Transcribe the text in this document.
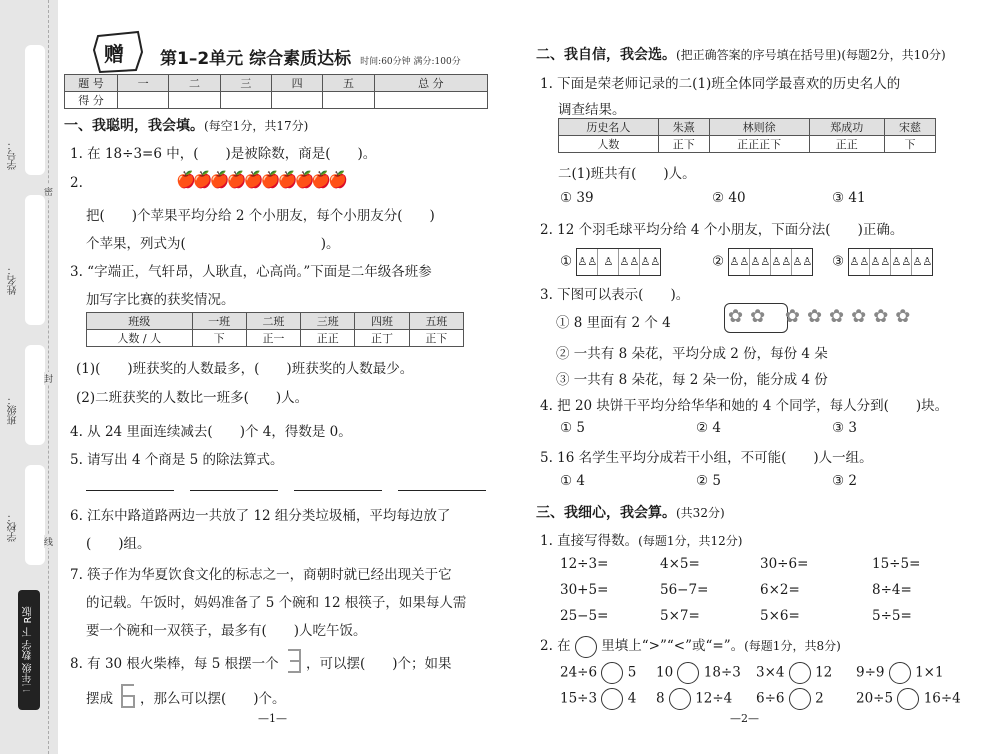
学号：
姓名：
班级：
学校：
密
封
线
二年级 数学 下 R版
赠 第1–2单元 综合素质达标 时间:60分钟 满分:100分
题 号	一	二	三	四	五	总 分
得 分						
一、我聪明，我会填。(每空1分，共17分)
1. 在 18÷3=6 中，(　　)是被除数，商是(　　)。
2.	🍎🍎🍎🍎🍎🍎🍎🍎🍎🍎
把(　　)个苹果平均分给 2 个小朋友，每个小朋友分(　　)
个苹果，列式为(　　　　　　　　　　)。
3. “字端正，气轩昂，人耿直，心高尚。”下面是二年级各班参
加写字比赛的获奖情况。
班级	一班	二班	三班	四班	五班
人数 / 人	下	正一	正正	正丁	正下
(1)(　　)班获奖的人数最多，(　　)班获奖的人数最少。
(2)二班获奖的人数比一班多(　　)人。
4. 从 24 里面连续减去(　　)个 4，得数是 0。
5. 请写出 4 个商是 5 的除法算式。
6. 江东中路道路两边一共放了 12 组分类垃圾桶，平均每边放了
(　　)组。
7. 筷子作为华夏饮食文化的标志之一，商朝时就已经出现关于它
的记载。午饭时，妈妈准备了 5 个碗和 12 根筷子，如果每人需
要一个碗和一双筷子，最多有(　　)人吃午饭。
8. 有 30 根火柴棒，每 5 根摆一个 ，可以摆(　　)个；如果
摆成 ，那么可以摆(　　)个。
—1—
二、我自信，我会选。(把正确答案的序号填在括号里)(每题2分，共10分)
1. 下面是荣老师记录的二(1)班全体同学最喜欢的历史名人的
调查结果。
历史名人	朱熹	林则徐	郑成功	宋慈
人数	正下	正正正下	正正	下
二(1)班共有(　　)人。
① 39	② 40	③ 41
2. 12 个羽毛球平均分给 4 个小朋友，下面分法(　　)正确。
① ♙♙ ♙ ♙♙ ♙♙	② ♙♙ ♙♙ ♙♙ ♙♙ ③ ♙♙ ♙♙ ♙♙ ♙♙
3. 下图可以表示(　　)。
① 8 里面有 2 个 4	✿✿ ✿✿✿✿✿✿
② 一共有 8 朵花，平均分成 2 份，每份 4 朵
③ 一共有 8 朵花，每 2 朵一份，能分成 4 份
4. 把 20 块饼干平均分给华华和她的 4 个同学，每人分到(　　)块。
① 5	② 4	③ 3
5. 16 名学生平均分成若干小组，不可能(　　)人一组。
① 4	② 5	③ 2
三、我细心，我会算。(共32分)
1. 直接写得数。(每题1分，共12分)
12÷3=	4×5=	30÷6=	15÷5=
30+5=	56−7=	6×2=	8÷4=
25−5=	5×7=	5×6=	5÷5=
2. 在 里填上“>”“<”或“=”。(每题1分，共8分)
24÷6 5 10 18÷3 3×4 12 9÷9 1×1
15÷3 4 8 12÷4 6÷6 2 20÷5 16÷4
—2—
